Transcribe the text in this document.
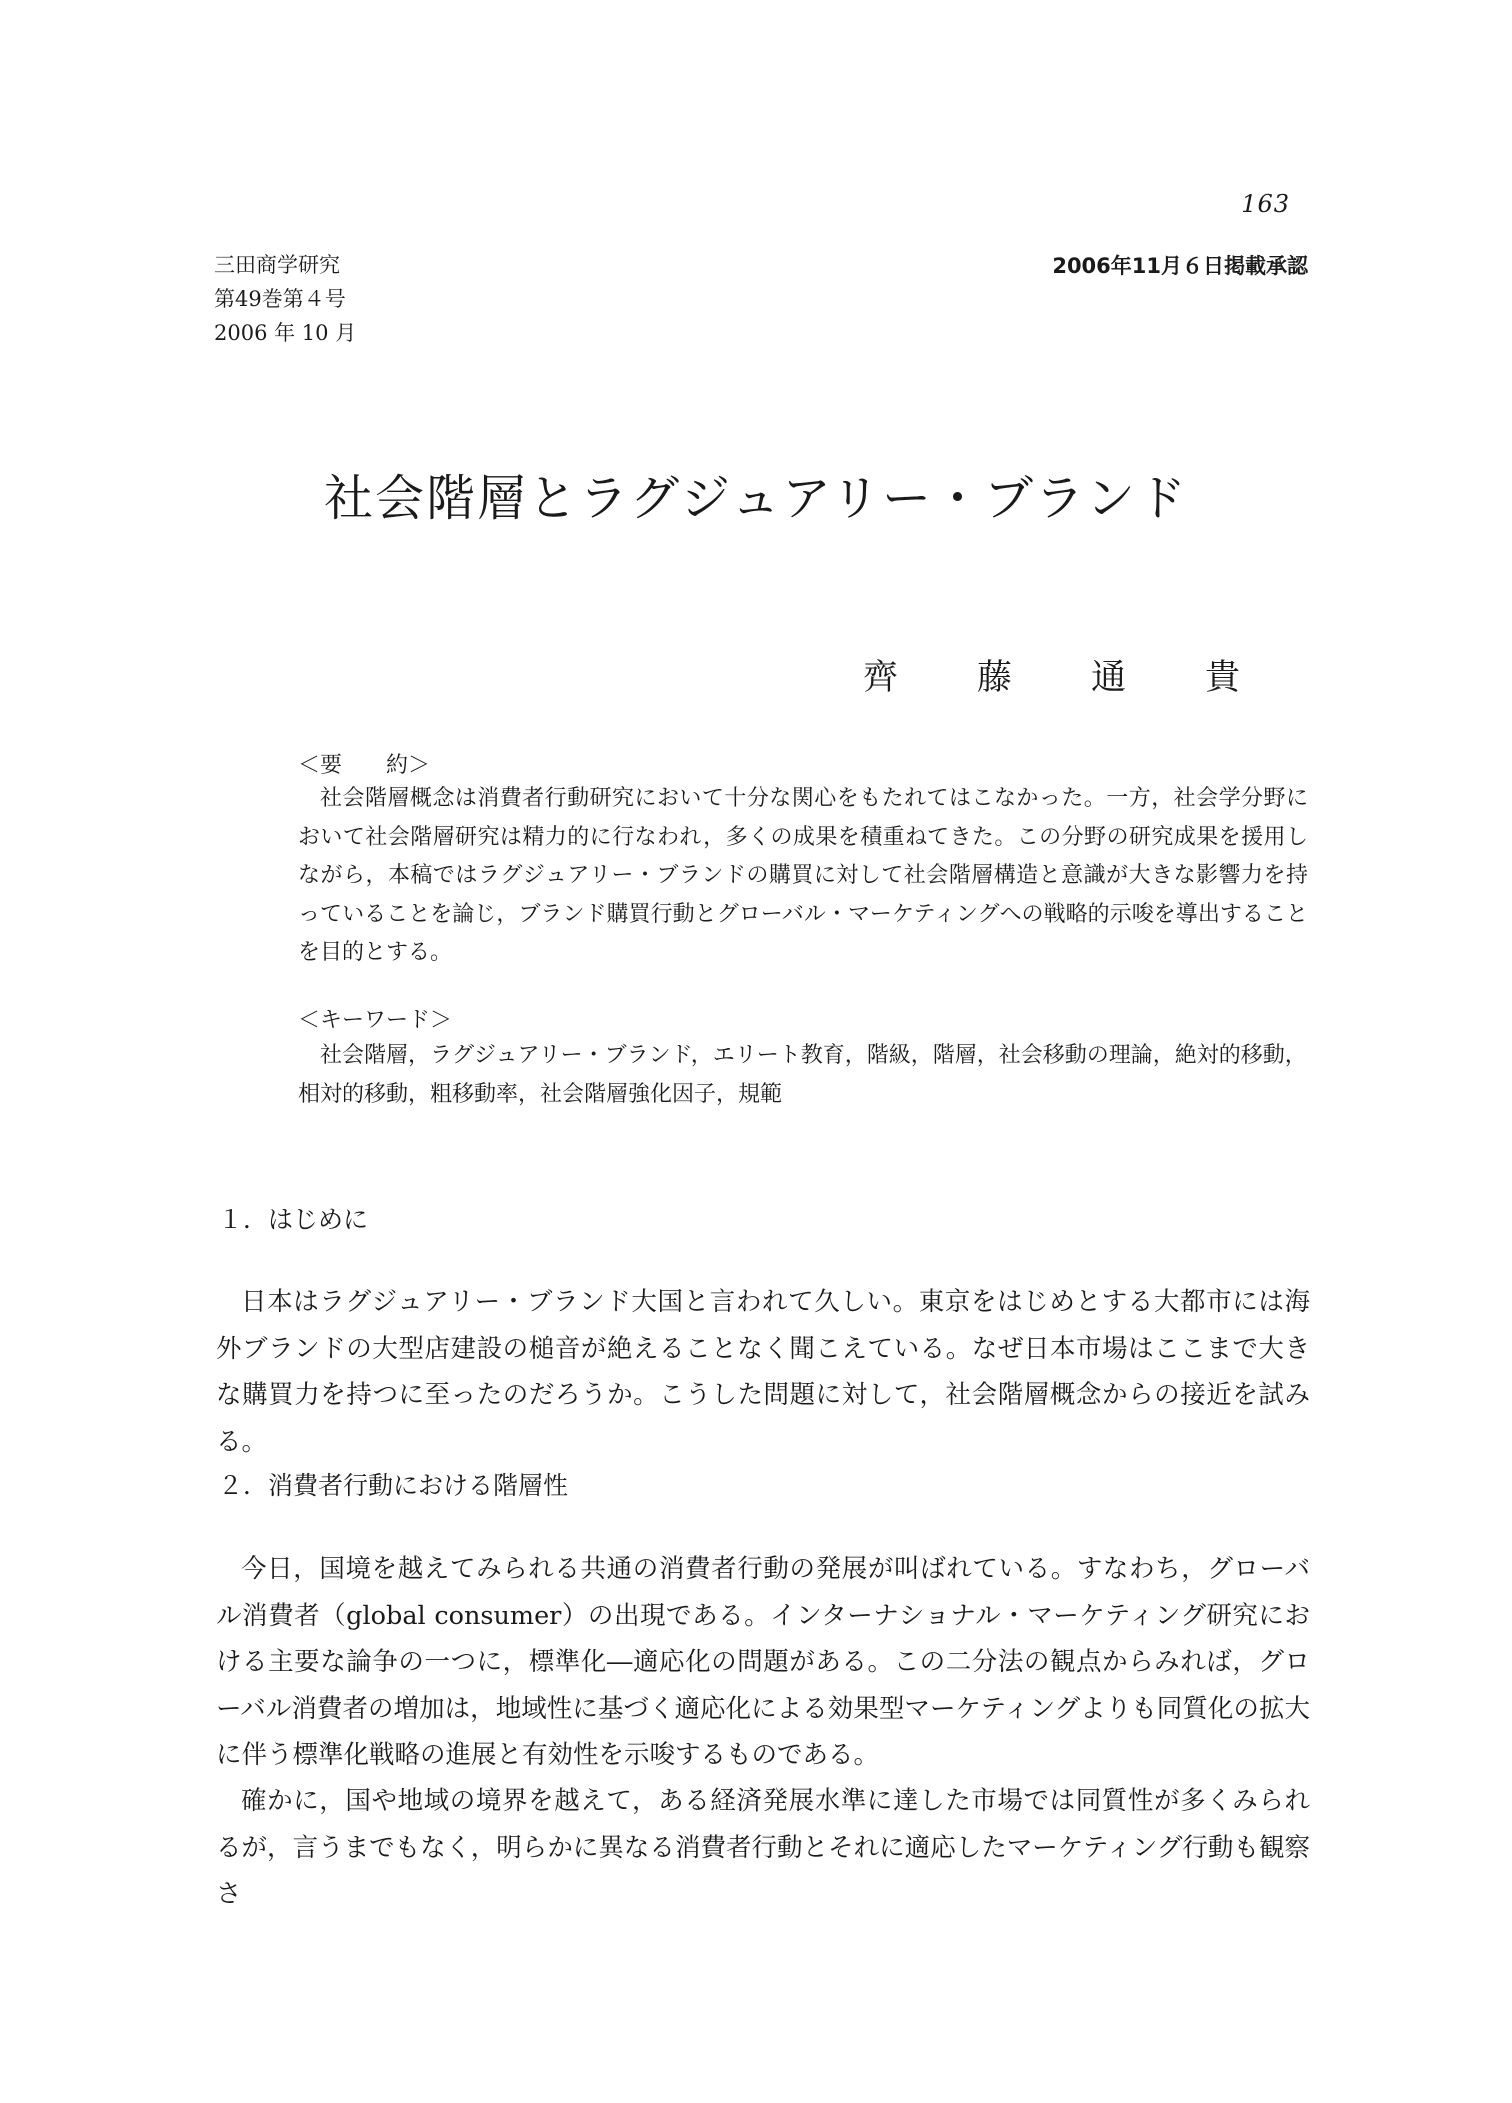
163
三田商学研究
第49巻第４号
2006 年 10 月
2006年11月６日掲載承認
社会階層とラグジュアリー・ブランド
齊　藤　通　貴
＜要　　約＞
社会階層概念は消費者行動研究において十分な関心をもたれてはこなかった。一方，社会学分野において社会階層研究は精力的に行なわれ，多くの成果を積重ねてきた。この分野の研究成果を援用しながら，本稿ではラグジュアリー・ブランドの購買に対して社会階層構造と意識が大きな影響力を持っていることを論じ，ブランド購買行動とグローバル・マーケティングへの戦略的示唆を導出することを目的とする。
＜キーワード＞
社会階層，ラグジュアリー・ブランド，エリート教育，階級，階層，社会移動の理論，絶対的移動，相対的移動，粗移動率，社会階層強化因子，規範
１．はじめに
日本はラグジュアリー・ブランド大国と言われて久しい。東京をはじめとする大都市には海外ブランドの大型店建設の槌音が絶えることなく聞こえている。なぜ日本市場はここまで大きな購買力を持つに至ったのだろうか。こうした問題に対して，社会階層概念からの接近を試みる。
２．消費者行動における階層性
今日，国境を越えてみられる共通の消費者行動の発展が叫ばれている。すなわち，グローバル消費者（global consumer）の出現である。インターナショナル・マーケティング研究における主要な論争の一つに，標準化―適応化の問題がある。この二分法の観点からみれば，グローバル消費者の増加は，地域性に基づく適応化による効果型マーケティングよりも同質化の拡大に伴う標準化戦略の進展と有効性を示唆するものである。
確かに，国や地域の境界を越えて，ある経済発展水準に達した市場では同質性が多くみられるが，言うまでもなく，明らかに異なる消費者行動とそれに適応したマーケティング行動も観察さ
